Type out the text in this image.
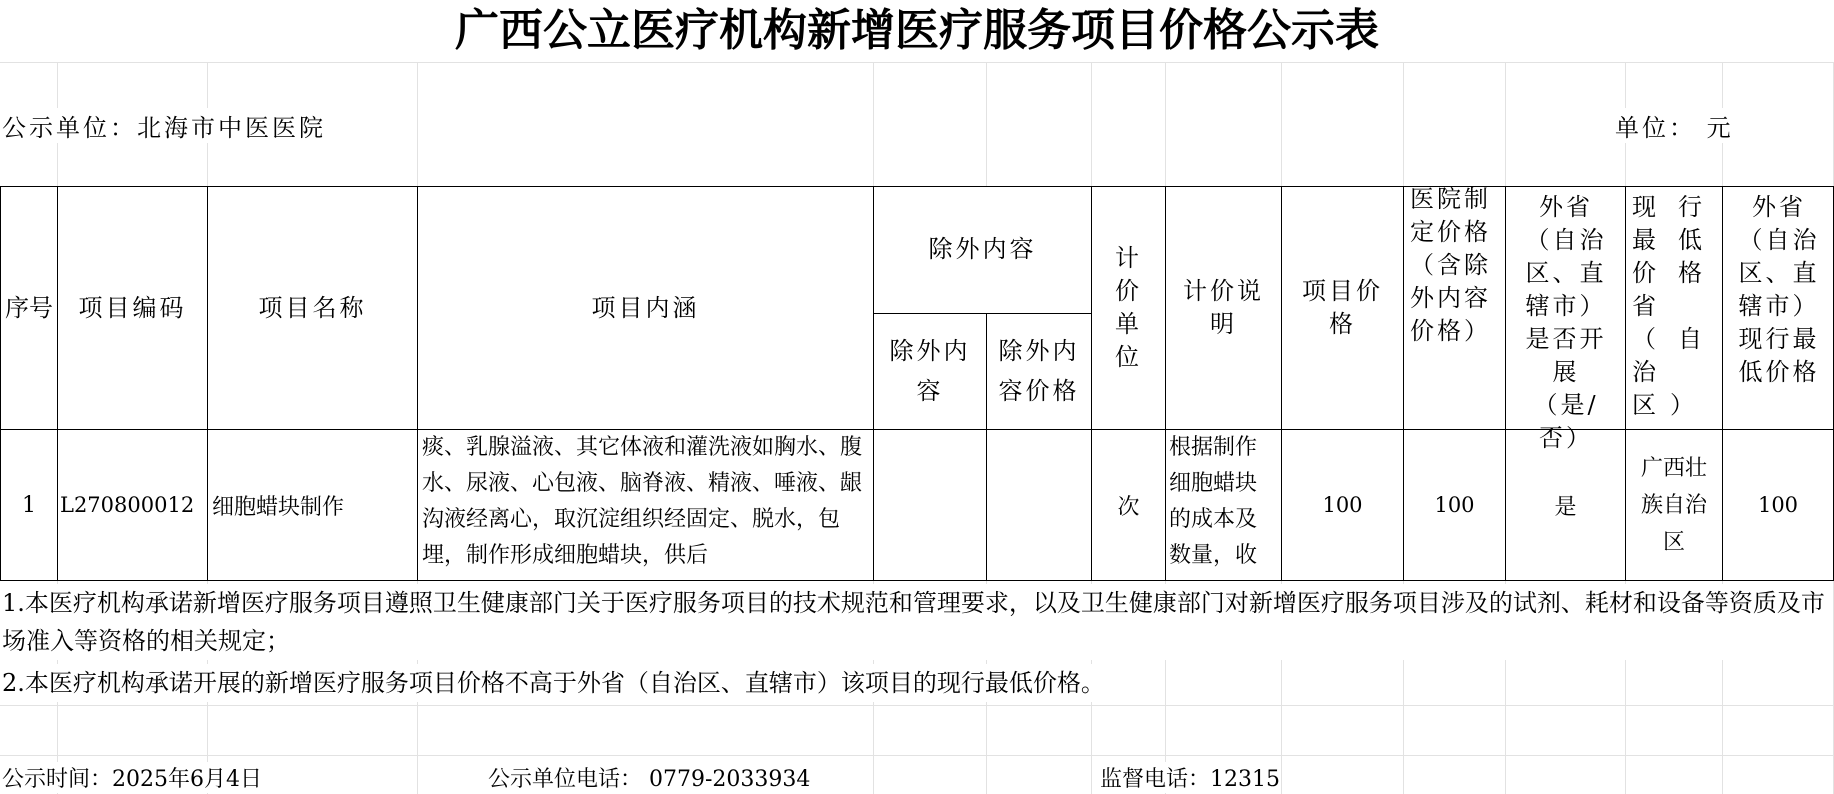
广西公立医疗机构新增医疗服务项目价格公示表
公示单位：北海市中医医院	单位： 元
序号	项目编码	项目名称	项目内涵	除外内容		计价单位	计价说明	项目价格	医院制定价格（含除外内容价格）	外省（自治区、直辖市）是否开展（是/否）	现行最低价格省（自治区）	外省（自治区、直辖市）现行最低价格

				除外内容	除外内容价格							

1	L270800012	细胞蜡块制作	痰、乳腺溢液、其它体液和灌洗液如胸水、腹水、尿液、心包液、脑脊液、精液、唾液、龈沟液经离心，取沉淀组织经固定、脱水，包埋，制作形成细胞蜡块，供后			次	根据制作细胞蜡块的成本及数量，收	100	100	是	广西壮族自治区	100
1.本医疗机构承诺新增医疗服务项目遵照卫生健康部门关于医疗服务项目的技术规范和管理要求，以及卫生健康部门对新增医疗服务项目涉及的试剂、耗材和设备等资质及市场准入等资格的相关规定；
2.本医疗机构承诺开展的新增医疗服务项目价格不高于外省（自治区、直辖市）该项目的现行最低价格。
公示时间：2025年6月4日	公示单位电话： 0779-2033934	监督电话：12315
